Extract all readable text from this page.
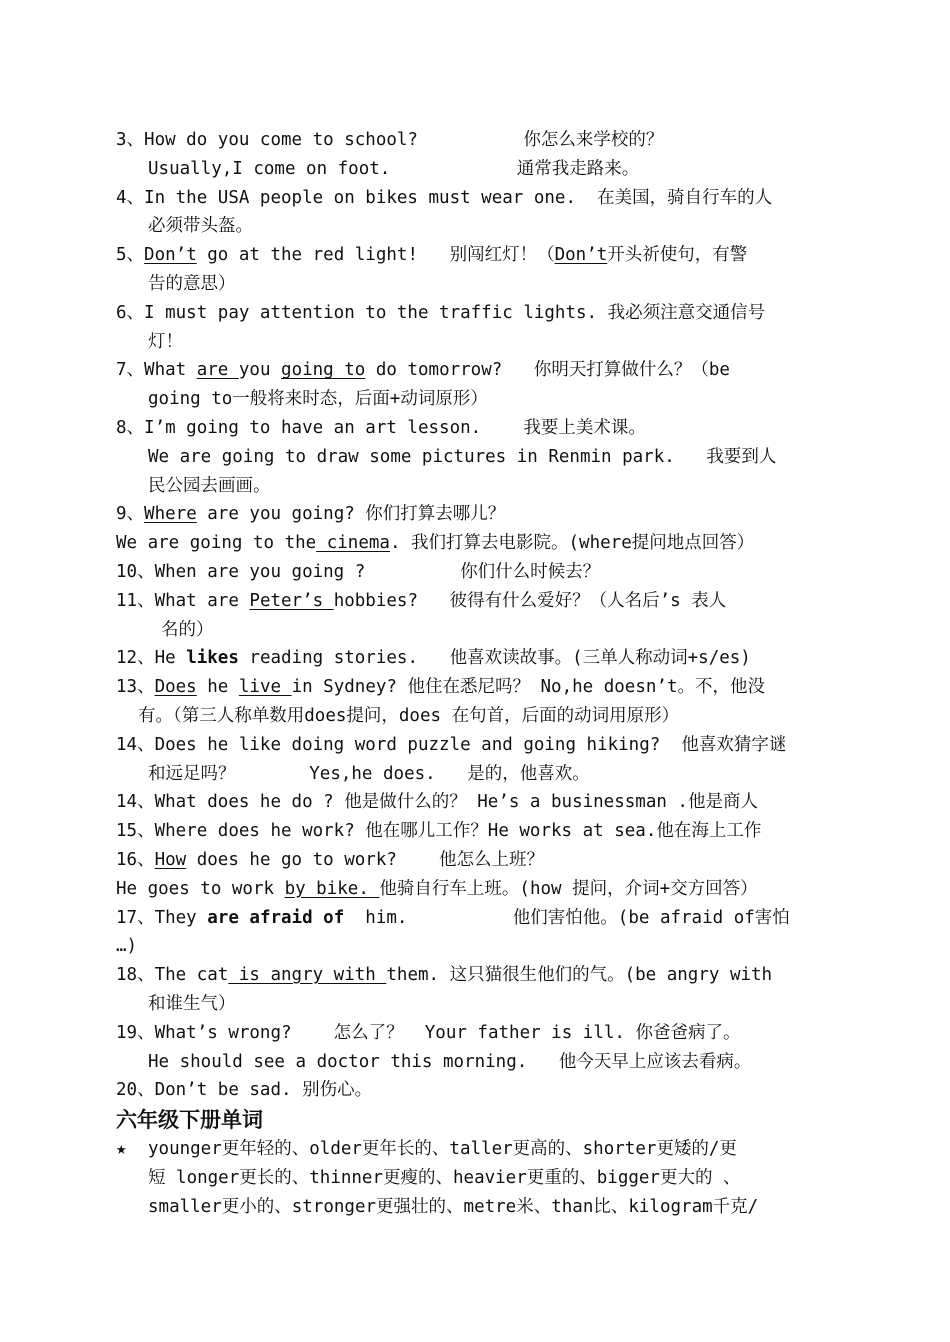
3、How do you come to school?          你怎么来学校的？
Usually,I come on foot.            通常我走路来。
4、In the USA people on bikes must wear one.  在美国，骑自行车的人
必须带头盔。
5、Don’t go at the red light!   别闯红灯！（Don’t开头祈使句，有警
告的意思）
6、I must pay attention to the traffic lights. 我必须注意交通信号
灯！
7、What are you going to do tomorrow?   你明天打算做什么？（be
going to一般将来时态，后面+动词原形）
8、I’m going to have an art lesson.    我要上美术课。
We are going to draw some pictures in Renmin park.   我要到人
民公园去画画。
9、Where are you going? 你们打算去哪儿？
We are going to the cinema. 我们打算去电影院。(where提问地点回答）
10、When are you going ?         你们什么时候去？
11、What are Peter’s hobbies?   彼得有什么爱好？（人名后’s 表人
名的）
12、He likes reading stories.   他喜欢读故事。(三单人称动词+s/es)
13、Does he live in Sydney? 他住在悉尼吗？ No,he doesn’t。不，他没
有。（第三人称单数用does提问，does 在句首，后面的动词用原形）
14、Does he like doing word puzzle and going hiking?  他喜欢猜字谜
和远足吗？       Yes,he does.   是的，他喜欢。
14、What does he do ? 他是做什么的？ He’s a businessman .他是商人
15、Where does he work? 他在哪儿工作？He works at sea.他在海上工作
16、How does he go to work?    他怎么上班？
He goes to work by bike. 他骑自行车上班。(how 提问，介词+交方回答）
17、They are afraid of  him.          他们害怕他。(be afraid of害怕
…)
18、The cat is angry with them. 这只猫很生他们的气。(be angry with
和谁生气）
19、What’s wrong?    怎么了？  Your father is ill. 你爸爸病了。
He should see a doctor this morning.   他今天早上应该去看病。
20、Don’t be sad. 别伤心。
六年级下册单词
★ younger更年轻的、older更年长的、taller更高的、shorter更矮的/更
短 longer更长的、thinner更瘦的、heavier更重的、bigger更大的 、
smaller更小的、stronger更强壮的、metre米、than比、kilogram千克/
